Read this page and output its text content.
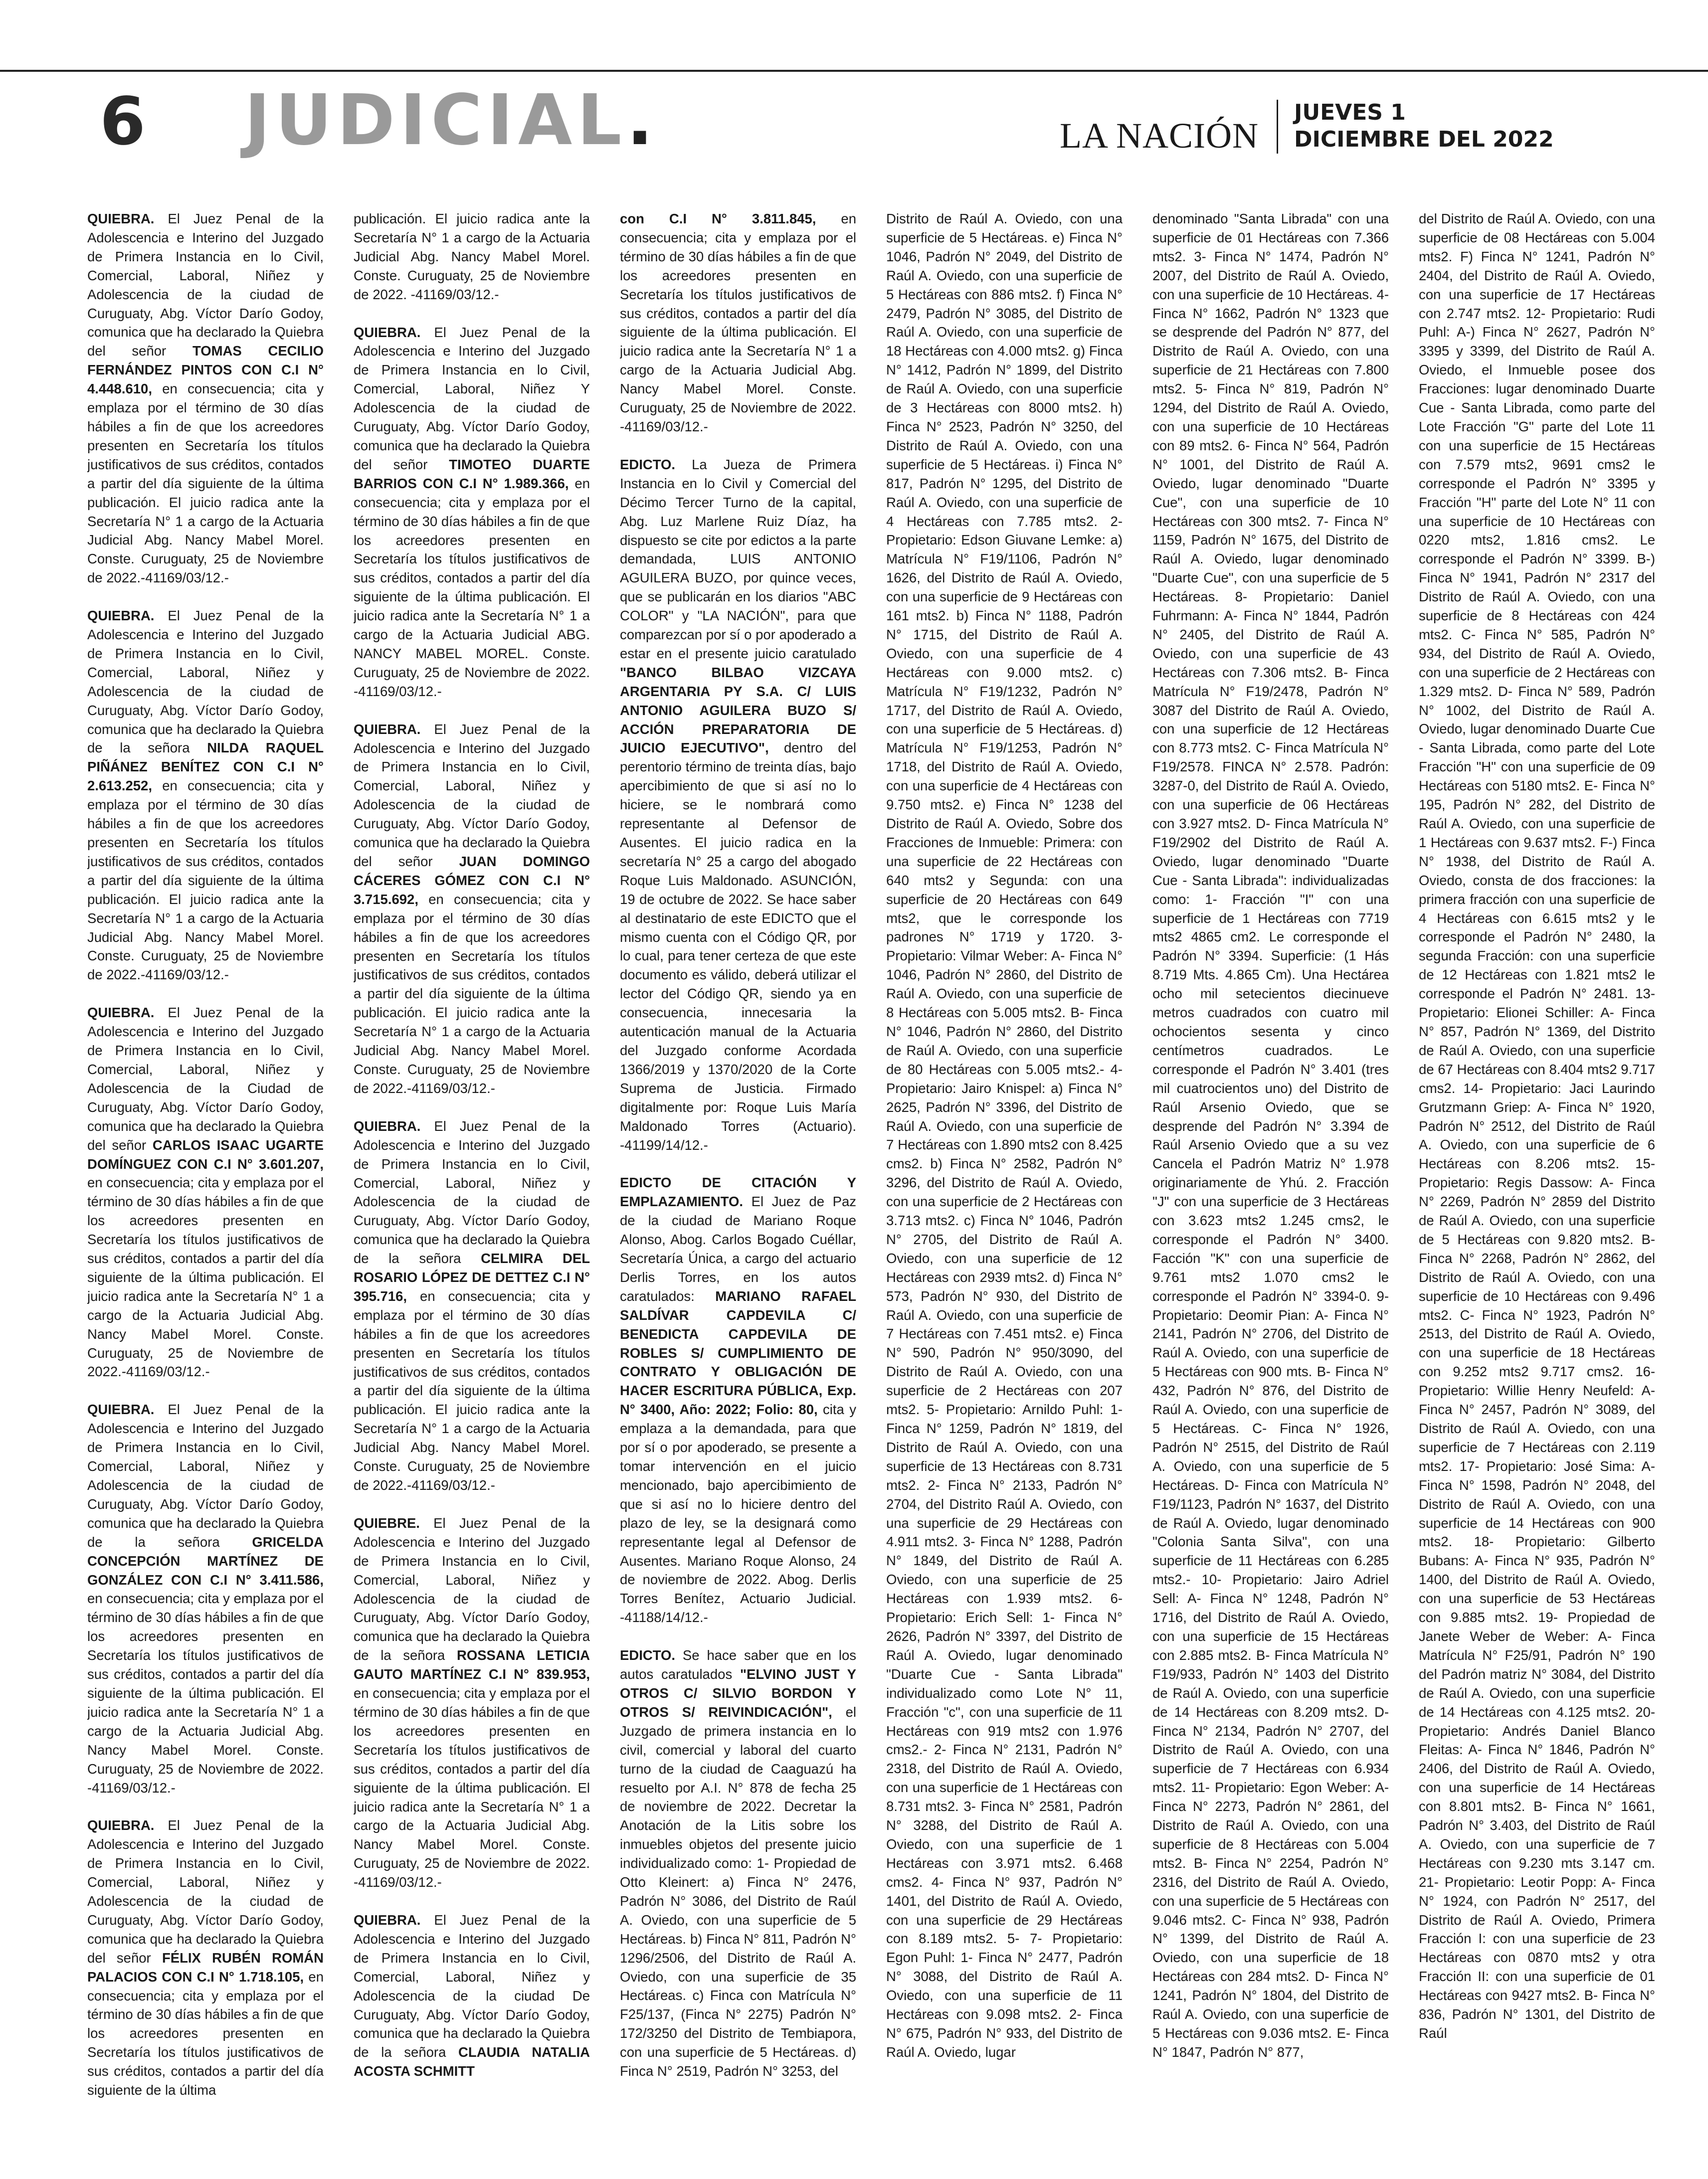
6 JUDICIAL.	LA NACIÓN
JUEVES 1
DICIEMBRE DEL 2022

QUIEBRA. El Juez Penal de la Adolescencia e Interino del Juzgado de Primera Instancia en lo Civil, Comercial, Laboral, Niñez y Adolescencia de la ciudad de Curuguaty, Abg. Víctor Darío Godoy, comunica que ha declarado la Quiebra del señor TOMAS CECILIO FERNÁNDEZ PINTOS CON C.I N° 4.448.610, en consecuencia; cita y emplaza por el término de 30 días hábiles a fin de que los acreedores presenten en Secretaría los títulos justificativos de sus créditos, contados a partir del día siguiente de la última publicación. El juicio radica ante la Secretaría N° 1 a cargo de la Actuaria Judicial Abg. Nancy Mabel Morel. Conste. Curuguaty, 25 de Noviembre de 2022.-41169/03/12.-

QUIEBRA. El Juez Penal de la Adolescencia e Interino del Juzgado de Primera Instancia en lo Civil, Comercial, Laboral, Niñez y Adolescencia de la ciudad de Curuguaty, Abg. Víctor Darío Godoy, comunica que ha declarado la Quiebra de la señora NILDA RAQUEL PIÑÁNEZ BENÍTEZ CON C.I N° 2.613.252, en consecuencia; cita y emplaza por el término de 30 días hábiles a fin de que los acreedores presenten en Secretaría los títulos justificativos de sus créditos, contados a partir del día siguiente de la última publicación. El juicio radica ante la Secretaría N° 1 a cargo de la Actuaria Judicial Abg. Nancy Mabel Morel. Conste. Curuguaty, 25 de Noviembre de 2022.-41169/03/12.-

QUIEBRA. El Juez Penal de la Adolescencia e Interino del Juzgado de Primera Instancia en lo Civil, Comercial, Laboral, Niñez y Adolescencia de la Ciudad de Curuguaty, Abg. Víctor Darío Godoy, comunica que ha declarado la Quiebra del señor CARLOS ISAAC UGARTE DOMÍNGUEZ CON C.I N° 3.601.207, en consecuencia; cita y emplaza por el término de 30 días hábiles a fin de que los acreedores presenten en Secretaría los títulos justificativos de sus créditos, contados a partir del día siguiente de la última publicación. El juicio radica ante la Secretaría N° 1 a cargo de la Actuaria Judicial Abg. Nancy Mabel Morel. Conste. Curuguaty, 25 de Noviembre de 2022.-41169/03/12.-

QUIEBRA. El Juez Penal de la Adolescencia e Interino del Juzgado de Primera Instancia en lo Civil, Comercial, Laboral, Niñez y Adolescencia de la ciudad de Curuguaty, Abg. Víctor Darío Godoy, comunica que ha declarado la Quiebra de la señora GRICELDA CONCEPCIÓN MARTÍNEZ DE GONZÁLEZ CON C.I N° 3.411.586, en consecuencia; cita y emplaza por el término de 30 días hábiles a fin de que los acreedores presenten en Secretaría los títulos justificativos de sus créditos, contados a partir del día siguiente de la última publicación. El juicio radica ante la Secretaría N° 1 a cargo de la Actuaria Judicial Abg. Nancy Mabel Morel. Conste. Curuguaty, 25 de Noviembre de 2022. -41169/03/12.-

QUIEBRA. El Juez Penal de la Adolescencia e Interino del Juzgado de Primera Instancia en lo Civil, Comercial, Laboral, Niñez y Adolescencia de la ciudad de Curuguaty, Abg. Víctor Darío Godoy, comunica que ha declarado la Quiebra del señor FÉLIX RUBÉN ROMÁN PALACIOS CON C.I N° 1.718.105, en consecuencia; cita y emplaza por el término de 30 días hábiles a fin de que los acreedores presenten en Secretaría los títulos justificativos de sus créditos, contados a partir del día siguiente de la última

publicación. El juicio radica ante la Secretaría N° 1 a cargo de la Actuaria Judicial Abg. Nancy Mabel Morel. Conste. Curuguaty, 25 de Noviembre de 2022. -41169/03/12.-

QUIEBRA. El Juez Penal de la Adolescencia e Interino del Juzgado de Primera Instancia en lo Civil, Comercial, Laboral, Niñez Y Adolescencia de la ciudad de Curuguaty, Abg. Víctor Darío Godoy, comunica que ha declarado la Quiebra del señor TIMOTEO DUARTE BARRIOS CON C.I N° 1.989.366, en consecuencia; cita y emplaza por el término de 30 días hábiles a fin de que los acreedores presenten en Secretaría los títulos justificativos de sus créditos, contados a partir del día siguiente de la última publicación. El juicio radica ante la Secretaría N° 1 a cargo de la Actuaria Judicial ABG. NANCY MABEL MOREL. Conste. Curuguaty, 25 de Noviembre de 2022. -41169/03/12.-

QUIEBRA. El Juez Penal de la Adolescencia e Interino del Juzgado de Primera Instancia en lo Civil, Comercial, Laboral, Niñez y Adolescencia de la ciudad de Curuguaty, Abg. Víctor Darío Godoy, comunica que ha declarado la Quiebra del señor JUAN DOMINGO CÁCERES GÓMEZ CON C.I N° 3.715.692, en consecuencia; cita y emplaza por el término de 30 días hábiles a fin de que los acreedores presenten en Secretaría los títulos justificativos de sus créditos, contados a partir del día siguiente de la última publicación. El juicio radica ante la Secretaría N° 1 a cargo de la Actuaria Judicial Abg. Nancy Mabel Morel. Conste. Curuguaty, 25 de Noviembre de 2022.-41169/03/12.-

QUIEBRA. El Juez Penal de la Adolescencia e Interino del Juzgado de Primera Instancia en lo Civil, Comercial, Laboral, Niñez y Adolescencia de la ciudad de Curuguaty, Abg. Víctor Darío Godoy, comunica que ha declarado la Quiebra de la señora CELMIRA DEL ROSARIO LÓPEZ DE DETTEZ C.I N° 395.716, en consecuencia; cita y emplaza por el término de 30 días hábiles a fin de que los acreedores presenten en Secretaría los títulos justificativos de sus créditos, contados a partir del día siguiente de la última publicación. El juicio radica ante la Secretaría N° 1 a cargo de la Actuaria Judicial Abg. Nancy Mabel Morel. Conste. Curuguaty, 25 de Noviembre de 2022.-41169/03/12.-

QUIEBRE. El Juez Penal de la Adolescencia e Interino del Juzgado de Primera Instancia en lo Civil, Comercial, Laboral, Niñez y Adolescencia de la ciudad de Curuguaty, Abg. Víctor Darío Godoy, comunica que ha declarado la Quiebra de la señora ROSSANA LETICIA GAUTO MARTÍNEZ C.I N° 839.953, en consecuencia; cita y emplaza por el término de 30 días hábiles a fin de que los acreedores presenten en Secretaría los títulos justificativos de sus créditos, contados a partir del día siguiente de la última publicación. El juicio radica ante la Secretaría N° 1 a cargo de la Actuaria Judicial Abg. Nancy Mabel Morel. Conste. Curuguaty, 25 de Noviembre de 2022. -41169/03/12.-

QUIEBRA. El Juez Penal de la Adolescencia e Interino del Juzgado de Primera Instancia en lo Civil, Comercial, Laboral, Niñez y Adolescencia de la ciudad De Curuguaty, Abg. Víctor Darío Godoy, comunica que ha declarado la Quiebra de la señora CLAUDIA NATALIA ACOSTA SCHMITT

con C.I N° 3.811.845, en consecuencia; cita y emplaza por el término de 30 días hábiles a fin de que los acreedores presenten en Secretaría los títulos justificativos de sus créditos, contados a partir del día siguiente de la última publicación. El juicio radica ante la Secretaría N° 1 a cargo de la Actuaria Judicial Abg. Nancy Mabel Morel. Conste. Curuguaty, 25 de Noviembre de 2022. -41169/03/12.-

EDICTO. La Jueza de Primera Instancia en lo Civil y Comercial del Décimo Tercer Turno de la capital, Abg. Luz Marlene Ruiz Díaz, ha dispuesto se cite por edictos a la parte demandada, LUIS ANTONIO AGUILERA BUZO, por quince veces, que se publicarán en los diarios "ABC COLOR" y "LA NACIÓN", para que comparezcan por sí o por apoderado a estar en el presente juicio caratulado "BANCO BILBAO VIZCAYA ARGENTARIA PY S.A. C/ LUIS ANTONIO AGUILERA BUZO S/ ACCIÓN PREPARATORIA DE JUICIO EJECUTIVO", dentro del perentorio término de treinta días, bajo apercibimiento de que si así no lo hiciere, se le nombrará como representante al Defensor de Ausentes. El juicio radica en la secretaría N° 25 a cargo del abogado Roque Luis Maldonado. ASUNCIÓN, 19 de octubre de 2022. Se hace saber al destinatario de este EDICTO que el mismo cuenta con el Código QR, por lo cual, para tener certeza de que este documento es válido, deberá utilizar el lector del Código QR, siendo ya en consecuencia, innecesaria la autenticación manual de la Actuaria del Juzgado conforme Acordada 1366/2019 y 1370/2020 de la Corte Suprema de Justicia. Firmado digitalmente por: Roque Luis María Maldonado Torres (Actuario). -41199/14/12.-

EDICTO DE CITACIÓN Y EMPLAZAMIENTO. El Juez de Paz de la ciudad de Mariano Roque Alonso, Abog. Carlos Bogado Cuéllar, Secretaría Única, a cargo del actuario Derlis Torres, en los autos caratulados: MARIANO RAFAEL SALDÍVAR CAPDEVILA C/ BENEDICTA CAPDEVILA DE ROBLES S/ CUMPLIMIENTO DE CONTRATO Y OBLIGACIÓN DE HACER ESCRITURA PÚBLICA, Exp. N° 3400, Año: 2022; Folio: 80, cita y emplaza a la demandada, para que por sí o por apoderado, se presente a tomar intervención en el juicio mencionado, bajo apercibimiento de que si así no lo hiciere dentro del plazo de ley, se la designará como representante legal al Defensor de Ausentes. Mariano Roque Alonso, 24 de noviembre de 2022. Abog. Derlis Torres Benítez, Actuario Judicial. -41188/14/12.-

EDICTO. Se hace saber que en los autos caratulados "ELVINO JUST Y OTROS C/ SILVIO BORDON Y OTROS S/ REIVINDICACIÓN", el Juzgado de primera instancia en lo civil, comercial y laboral del cuarto turno de la ciudad de Caaguazú ha resuelto por A.I. N° 878 de fecha 25 de noviembre de 2022. Decretar la Anotación de la Litis sobre los inmuebles objetos del presente juicio individualizado como: 1- Propiedad de Otto Kleinert: a) Finca N° 2476, Padrón N° 3086, del Distrito de Raúl A. Oviedo, con una superficie de 5 Hectáreas. b) Finca N° 811, Padrón N° 1296/2506, del Distrito de Raúl A. Oviedo, con una superficie de 35 Hectáreas. c) Finca con Matrícula N° F25/137, (Finca N° 2275) Padrón N° 172/3250 del Distrito de Tembiapora, con una superficie de 5 Hectáreas. d) Finca N° 2519, Padrón N° 3253, del

Distrito de Raúl A. Oviedo, con una superficie de 5 Hectáreas. e) Finca N° 1046, Padrón N° 2049, del Distrito de Raúl A. Oviedo, con una superficie de 5 Hectáreas con 886 mts2. f) Finca N° 2479, Padrón N° 3085, del Distrito de Raúl A. Oviedo, con una superficie de 18 Hectáreas con 4.000 mts2. g) Finca N° 1412, Padrón N° 1899, del Distrito de Raúl A. Oviedo, con una superficie de 3 Hectáreas con 8000 mts2. h) Finca N° 2523, Padrón N° 3250, del Distrito de Raúl A. Oviedo, con una superficie de 5 Hectáreas. i) Finca N° 817, Padrón N° 1295, del Distrito de Raúl A. Oviedo, con una superficie de 4 Hectáreas con 7.785 mts2. 2- Propietario: Edson Giuvane Lemke: a) Matrícula N° F19/1106, Padrón N° 1626, del Distrito de Raúl A. Oviedo, con una superficie de 9 Hectáreas con 161 mts2. b) Finca N° 1188, Padrón N° 1715, del Distrito de Raúl A. Oviedo, con una superficie de 4 Hectáreas con 9.000 mts2. c) Matrícula N° F19/1232, Padrón N° 1717, del Distrito de Raúl A. Oviedo, con una superficie de 5 Hectáreas. d) Matrícula N° F19/1253, Padrón N° 1718, del Distrito de Raúl A. Oviedo, con una superficie de 4 Hectáreas con 9.750 mts2. e) Finca N° 1238 del Distrito de Raúl A. Oviedo, Sobre dos Fracciones de Inmueble: Primera: con una superficie de 22 Hectáreas con 640 mts2 y Segunda: con una superficie de 20 Hectáreas con 649 mts2, que le corresponde los padrones N° 1719 y 1720. 3- Propietario: Vilmar Weber: A- Finca N° 1046, Padrón N° 2860, del Distrito de Raúl A. Oviedo, con una superficie de 8 Hectáreas con 5.005 mts2. B- Finca N° 1046, Padrón N° 2860, del Distrito de Raúl A. Oviedo, con una superficie de 80 Hectáreas con 5.005 mts2.- 4- Propietario: Jairo Knispel: a) Finca N° 2625, Padrón N° 3396, del Distrito de Raúl A. Oviedo, con una superficie de 7 Hectáreas con 1.890 mts2 con 8.425 cms2. b) Finca N° 2582, Padrón N° 3296, del Distrito de Raúl A. Oviedo, con una superficie de 2 Hectáreas con 3.713 mts2. c) Finca N° 1046, Padrón N° 2705, del Distrito de Raúl A. Oviedo, con una superficie de 12 Hectáreas con 2939 mts2. d) Finca N° 573, Padrón N° 930, del Distrito de Raúl A. Oviedo, con una superficie de 7 Hectáreas con 7.451 mts2. e) Finca N° 590, Padrón N° 950/3090, del Distrito de Raúl A. Oviedo, con una superficie de 2 Hectáreas con 207 mts2. 5- Propietario: Arnildo Puhl: 1- Finca N° 1259, Padrón N° 1819, del Distrito de Raúl A. Oviedo, con una superficie de 13 Hectáreas con 8.731 mts2. 2- Finca N° 2133, Padrón N° 2704, del Distrito Raúl A. Oviedo, con una superficie de 29 Hectáreas con 4.911 mts2. 3- Finca N° 1288, Padrón N° 1849, del Distrito de Raúl A. Oviedo, con una superficie de 25 Hectáreas con 1.939 mts2. 6- Propietario: Erich Sell: 1- Finca N° 2626, Padrón N° 3397, del Distrito de Raúl A. Oviedo, lugar denominado "Duarte Cue - Santa Librada" individualizado como Lote N° 11, Fracción "c", con una superficie de 11 Hectáreas con 919 mts2 con 1.976 cms2.- 2- Finca N° 2131, Padrón N° 2318, del Distrito de Raúl A. Oviedo, con una superficie de 1 Hectáreas con 8.731 mts2. 3- Finca N° 2581, Padrón N° 3288, del Distrito de Raúl A. Oviedo, con una superficie de 1 Hectáreas con 3.971 mts2. 6.468 cms2. 4- Finca N° 937, Padrón N° 1401, del Distrito de Raúl A. Oviedo, con una superficie de 29 Hectáreas con 8.189 mts2. 5- 7- Propietario: Egon Puhl: 1- Finca N° 2477, Padrón N° 3088, del Distrito de Raúl A. Oviedo, con una superficie de 11 Hectáreas con 9.098 mts2. 2- Finca N° 675, Padrón N° 933, del Distrito de Raúl A. Oviedo, lugar

denominado "Santa Librada" con una superficie de 01 Hectáreas con 7.366 mts2. 3- Finca N° 1474, Padrón N° 2007, del Distrito de Raúl A. Oviedo, con una superficie de 10 Hectáreas. 4- Finca N° 1662, Padrón N° 1323 que se desprende del Padrón N° 877, del Distrito de Raúl A. Oviedo, con una superficie de 21 Hectáreas con 7.800 mts2. 5- Finca N° 819, Padrón N° 1294, del Distrito de Raúl A. Oviedo, con una superficie de 10 Hectáreas con 89 mts2. 6- Finca N° 564, Padrón N° 1001, del Distrito de Raúl A. Oviedo, lugar denominado "Duarte Cue", con una superficie de 10 Hectáreas con 300 mts2. 7- Finca N° 1159, Padrón N° 1675, del Distrito de Raúl A. Oviedo, lugar denominado "Duarte Cue", con una superficie de 5 Hectáreas. 8- Propietario: Daniel Fuhrmann: A- Finca N° 1844, Padrón N° 2405, del Distrito de Raúl A. Oviedo, con una superficie de 43 Hectáreas con 7.306 mts2. B- Finca Matrícula N° F19/2478, Padrón N° 3087 del Distrito de Raúl A. Oviedo, con una superficie de 12 Hectáreas con 8.773 mts2. C- Finca Matrícula N° F19/2578. FINCA N° 2.578. Padrón: 3287-0, del Distrito de Raúl A. Oviedo, con una superficie de 06 Hectáreas con 3.927 mts2. D- Finca Matrícula N° F19/2902 del Distrito de Raúl A. Oviedo, lugar denominado "Duarte Cue - Santa Librada": individualizadas como: 1- Fracción "I" con una superficie de 1 Hectáreas con 7719 mts2 4865 cm2. Le corresponde el Padrón N° 3394. Superficie: (1 Hás 8.719 Mts. 4.865 Cm). Una Hectárea ocho mil setecientos diecinueve metros cuadrados con cuatro mil ochocientos sesenta y cinco centímetros cuadrados. Le corresponde el Padrón N° 3.401 (tres mil cuatrocientos uno) del Distrito de Raúl Arsenio Oviedo, que se desprende del Padrón N° 3.394 de Raúl Arsenio Oviedo que a su vez Cancela el Padrón Matriz N° 1.978 originariamente de Yhú. 2. Fracción "J" con una superficie de 3 Hectáreas con 3.623 mts2 1.245 cms2, le corresponde el Padrón N° 3400. Facción "K" con una superficie de 9.761 mts2 1.070 cms2 le corresponde el Padrón N° 3394-0. 9- Propietario: Deomir Pian: A- Finca N° 2141, Padrón N° 2706, del Distrito de Raúl A. Oviedo, con una superficie de 5 Hectáreas con 900 mts. B- Finca N° 432, Padrón N° 876, del Distrito de Raúl A. Oviedo, con una superficie de 5 Hectáreas. C- Finca N° 1926, Padrón N° 2515, del Distrito de Raúl A. Oviedo, con una superficie de 5 Hectáreas. D- Finca con Matrícula N° F19/1123, Padrón N° 1637, del Distrito de Raúl A. Oviedo, lugar denominado "Colonia Santa Silva", con una superficie de 11 Hectáreas con 6.285 mts2.- 10- Propietario: Jairo Adriel Sell: A- Finca N° 1248, Padrón N° 1716, del Distrito de Raúl A. Oviedo, con una superficie de 15 Hectáreas con 2.885 mts2. B- Finca Matrícula N° F19/933, Padrón N° 1403 del Distrito de Raúl A. Oviedo, con una superficie de 14 Hectáreas con 8.209 mts2. D- Finca N° 2134, Padrón N° 2707, del Distrito de Raúl A. Oviedo, con una superficie de 7 Hectáreas con 6.934 mts2. 11- Propietario: Egon Weber: A- Finca N° 2273, Padrón N° 2861, del Distrito de Raúl A. Oviedo, con una superficie de 8 Hectáreas con 5.004 mts2. B- Finca N° 2254, Padrón N° 2316, del Distrito de Raúl A. Oviedo, con una superficie de 5 Hectáreas con 9.046 mts2. C- Finca N° 938, Padrón N° 1399, del Distrito de Raúl A. Oviedo, con una superficie de 18 Hectáreas con 284 mts2. D- Finca N° 1241, Padrón N° 1804, del Distrito de Raúl A. Oviedo, con una superficie de 5 Hectáreas con 9.036 mts2. E- Finca N° 1847, Padrón N° 877,

del Distrito de Raúl A. Oviedo, con una superficie de 08 Hectáreas con 5.004 mts2. F) Finca N° 1241, Padrón N° 2404, del Distrito de Raúl A. Oviedo, con una superficie de 17 Hectáreas con 2.747 mts2. 12- Propietario: Rudi Puhl: A-) Finca N° 2627, Padrón N° 3395 y 3399, del Distrito de Raúl A. Oviedo, el Inmueble posee dos Fracciones: lugar denominado Duarte Cue - Santa Librada, como parte del Lote Fracción "G" parte del Lote 11 con una superficie de 15 Hectáreas con 7.579 mts2, 9691 cms2 le corresponde el Padrón N° 3395 y Fracción "H" parte del Lote N° 11 con una superficie de 10 Hectáreas con 0220 mts2, 1.816 cms2. Le corresponde el Padrón N° 3399. B-) Finca N° 1941, Padrón N° 2317 del Distrito de Raúl A. Oviedo, con una superficie de 8 Hectáreas con 424 mts2. C- Finca N° 585, Padrón N° 934, del Distrito de Raúl A. Oviedo, con una superficie de 2 Hectáreas con 1.329 mts2. D- Finca N° 589, Padrón N° 1002, del Distrito de Raúl A. Oviedo, lugar denominado Duarte Cue - Santa Librada, como parte del Lote Fracción "H" con una superficie de 09 Hectáreas con 5180 mts2. E- Finca N° 195, Padrón N° 282, del Distrito de Raúl A. Oviedo, con una superficie de 1 Hectáreas con 9.637 mts2. F-) Finca N° 1938, del Distrito de Raúl A. Oviedo, consta de dos fracciones: la primera fracción con una superficie de 4 Hectáreas con 6.615 mts2 y le corresponde el Padrón N° 2480, la segunda Fracción: con una superficie de 12 Hectáreas con 1.821 mts2 le corresponde el Padrón N° 2481. 13- Propietario: Elionei Schiller: A- Finca N° 857, Padrón N° 1369, del Distrito de Raúl A. Oviedo, con una superficie de 67 Hectáreas con 8.404 mts2 9.717 cms2. 14- Propietario: Jaci Laurindo Grutzmann Griep: A- Finca N° 1920, Padrón N° 2512, del Distrito de Raúl A. Oviedo, con una superficie de 6 Hectáreas con 8.206 mts2. 15- Propietario: Regis Dassow: A- Finca N° 2269, Padrón N° 2859 del Distrito de Raúl A. Oviedo, con una superficie de 5 Hectáreas con 9.820 mts2. B- Finca N° 2268, Padrón N° 2862, del Distrito de Raúl A. Oviedo, con una superficie de 10 Hectáreas con 9.496 mts2. C- Finca N° 1923, Padrón N° 2513, del Distrito de Raúl A. Oviedo, con una superficie de 18 Hectáreas con 9.252 mts2 9.717 cms2. 16- Propietario: Willie Henry Neufeld: A- Finca N° 2457, Padrón N° 3089, del Distrito de Raúl A. Oviedo, con una superficie de 7 Hectáreas con 2.119 mts2. 17- Propietario: José Sima: A- Finca N° 1598, Padrón N° 2048, del Distrito de Raúl A. Oviedo, con una superficie de 14 Hectáreas con 900 mts2. 18- Propietario: Gilberto Bubans: A- Finca N° 935, Padrón N° 1400, del Distrito de Raúl A. Oviedo, con una superficie de 53 Hectáreas con 9.885 mts2. 19- Propiedad de Janete Weber de Weber: A- Finca Matrícula N° F25/91, Padrón N° 190 del Padrón matriz N° 3084, del Distrito de Raúl A. Oviedo, con una superficie de 14 Hectáreas con 4.125 mts2. 20- Propietario: Andrés Daniel Blanco Fleitas: A- Finca N° 1846, Padrón N° 2406, del Distrito de Raúl A. Oviedo, con una superficie de 14 Hectáreas con 8.801 mts2. B- Finca N° 1661, Padrón N° 3.403, del Distrito de Raúl A. Oviedo, con una superficie de 7 Hectáreas con 9.230 mts 3.147 cm. 21- Propietario: Leotir Popp: A- Finca N° 1924, con Padrón N° 2517, del Distrito de Raúl A. Oviedo, Primera Fracción I: con una superficie de 23 Hectáreas con 0870 mts2 y otra Fracción II: con una superficie de 01 Hectáreas con 9427 mts2. B- Finca N° 836, Padrón N° 1301, del Distrito de Raúl
